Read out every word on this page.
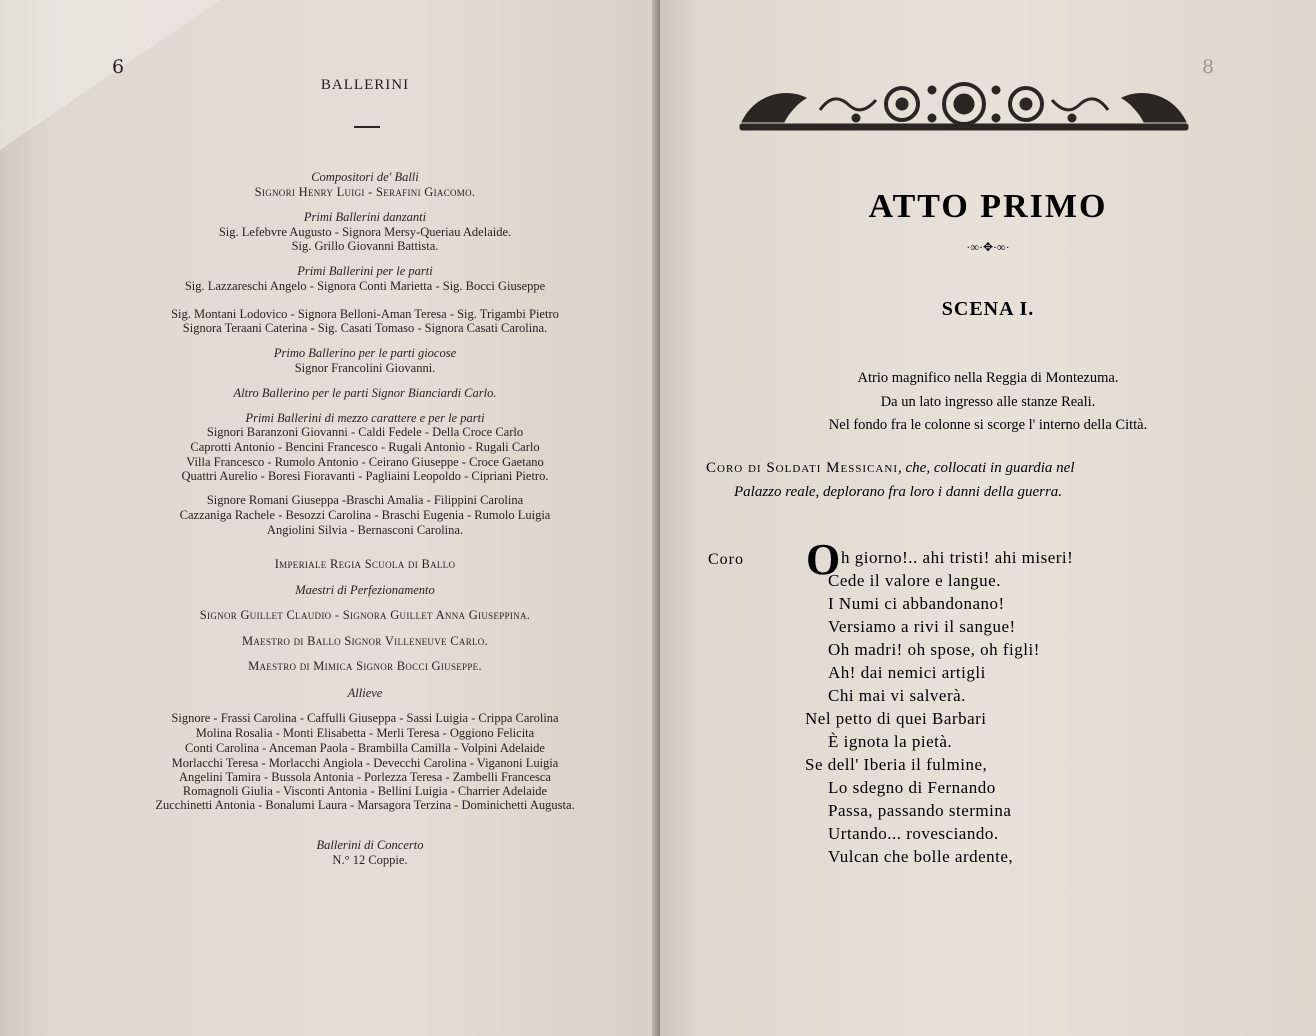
6
BALLERINI
Compositori de' Balli
Signori Henry Luigi - Serafini Giacomo.
Primi Ballerini danzanti
Sig. Lefebvre Augusto - Signora Mersy-Queriau Adelaide.
Sig. Grillo Giovanni Battista.
Primi Ballerini per le parti
Sig. Lazzareschi Angelo - Signora Conti Marietta - Sig. Bocci Giuseppe
Sig. Montani Lodovico - Signora Belloni-Aman Teresa - Sig. Trigambi Pietro
Signora Teraani Caterina - Sig. Casati Tomaso - Signora Casati Carolina.
Primo Ballerino per le parti giocose
Signor Francolini Giovanni.
Altro Ballerino per le parti Signor Bianciardi Carlo.
Primi Ballerini di mezzo carattere e per le parti
Signori Baranzoni Giovanni - Caldi Fedele - Della Croce Carlo
Caprotti Antonio - Bencini Francesco - Rugali Antonio - Rugali Carlo
Villa Francesco - Rumolo Antonio - Ceirano Giuseppe - Croce Gaetano
Quattri Aurelio - Boresi Fioravanti - Pagliaini Leopoldo - Cipriani Pietro.
Signore Romani Giuseppa -Braschi Amalia - Filippini Carolina
Cazzaniga Rachele - Besozzi Carolina - Braschi Eugenia - Rumolo Luigia
Angiolini Silvia - Bernasconi Carolina.
Imperiale Regia Scuola di Ballo
Maestri di Perfezionamento
Signor Guillet Claudio - Signora Guillet Anna Giuseppina.
Maestro di Ballo Signor Villeneuve Carlo.
Maestro di Mimica Signor Bocci Giuseppe.
Allieve
Signore - Frassi Carolina - Caffulli Giuseppa - Sassi Luigia - Crippa Carolina
Molina Rosalia - Monti Elisabetta - Merli Teresa - Oggiono Felicita
Conti Carolina - Anceman Paola - Brambilla Camilla - Volpini Adelaide
Morlacchi Teresa - Morlacchi Angiola - Devecchi Carolina - Viganoni Luigia
Angelini Tamira - Bussola Antonia - Porlezza Teresa - Zambelli Francesca
Romagnoli Giulia - Visconti Antonia - Bellini Luigia - Charrier Adelaide
Zucchinetti Antonia - Bonalumi Laura - Marsagora Terzina - Dominichetti Augusta.
Ballerini di Concerto
N.° 12 Coppie.
8
ATTO PRIMO
·∞·✥·∞·
SCENA I.
Atrio magnifico nella Reggia di Montezuma.
Da un lato ingresso alle stanze Reali.
Nel fondo fra le colonne si scorge l' interno della Città.
Coro di Soldati Messicani, che, collocati in guardia nel
Palazzo reale, deplorano fra loro i danni della guerra.
Coro O h giorno!.. ahi tristi! ahi miseri!
Cede il valore e langue.
I Numi ci abbandonano!
Versiamo a rivi il sangue!
Oh madri! oh spose, oh figli!
Ah! dai nemici artigli
Chi mai vi salverà.
Nel petto di quei Barbari
È ignota la pietà.
Se dell' Iberia il fulmine,
Lo sdegno di Fernando
Passa, passando stermina
Urtando... rovesciando.
Vulcan che bolle ardente,
